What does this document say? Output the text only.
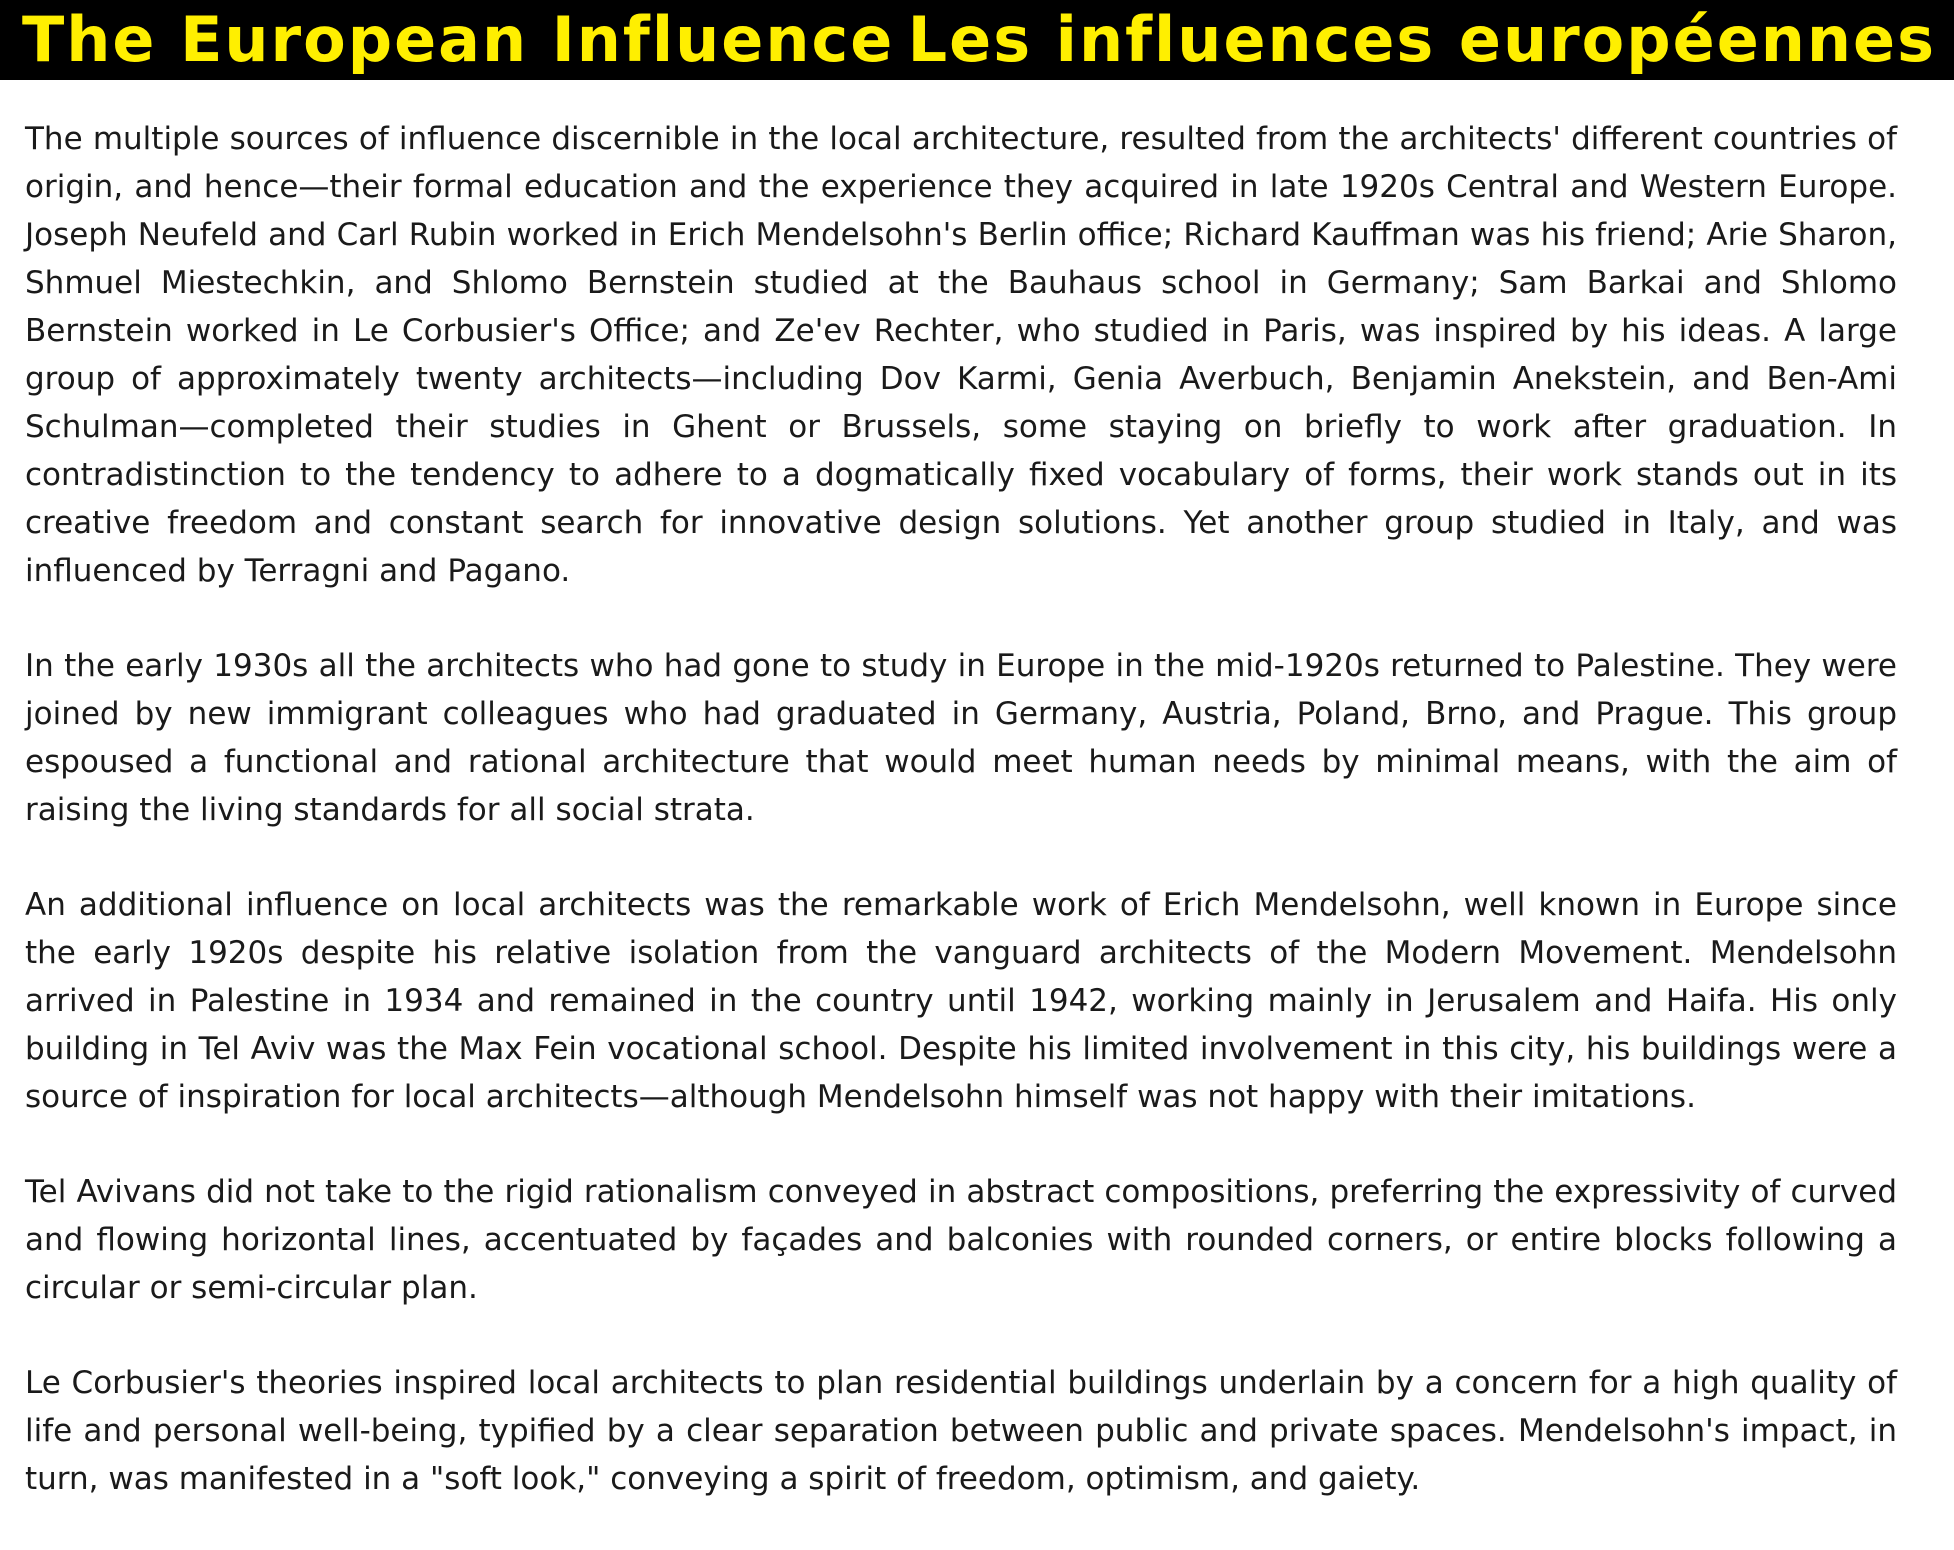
The European Influence Les influences européennes

The multiple sources of influence discernible in the local architecture, resulted from the architects' different countries of origin, and hence—their formal education and the experience they acquired in late 1920s Central and Western Europe. Joseph Neufeld and Carl Rubin worked in Erich Mendelsohn's Berlin office; Richard Kauffman was his friend; Arie Sharon, Shmuel Miestechkin, and Shlomo Bernstein studied at the Bauhaus school in Germany; Sam Barkai and Shlomo Bernstein worked in Le Corbusier's Office; and Ze'ev Rechter, who studied in Paris, was inspired by his ideas. A large group of approximately twenty architects—including Dov Karmi, Genia Averbuch, Benjamin Anekstein, and Ben-Ami Schulman—completed their studies in Ghent or Brussels, some staying on briefly to work after graduation. In contradistinction to the tendency to adhere to a dogmatically fixed vocabulary of forms, their work stands out in its creative freedom and constant search for innovative design solutions. Yet another group studied in Italy, and was influenced by Terragni and Pagano.

In the early 1930s all the architects who had gone to study in Europe in the mid-1920s returned to Palestine. They were joined by new immigrant colleagues who had graduated in Germany, Austria, Poland, Brno, and Prague. This group espoused a functional and rational architecture that would meet human needs by minimal means, with the aim of raising the living standards for all social strata.

An additional influence on local architects was the remarkable work of Erich Mendelsohn, well known in Europe since the early 1920s despite his relative isolation from the vanguard architects of the Modern Movement. Mendelsohn arrived in Palestine in 1934 and remained in the country until 1942, working mainly in Jerusalem and Haifa. His only building in Tel Aviv was the Max Fein vocational school. Despite his limited involvement in this city, his buildings were a source of inspiration for local architects—although Mendelsohn himself was not happy with their imitations.

Tel Avivans did not take to the rigid rationalism conveyed in abstract compositions, preferring the expressivity of curved and flowing horizontal lines, accentuated by façades and balconies with rounded corners, or entire blocks following a circular or semi-circular plan.

Le Corbusier's theories inspired local architects to plan residential buildings underlain by a concern for a high quality of life and personal well-being, typified by a clear separation between public and private spaces. Mendelsohn's impact, in turn, was manifested in a "soft look," conveying a spirit of freedom, optimism, and gaiety.
